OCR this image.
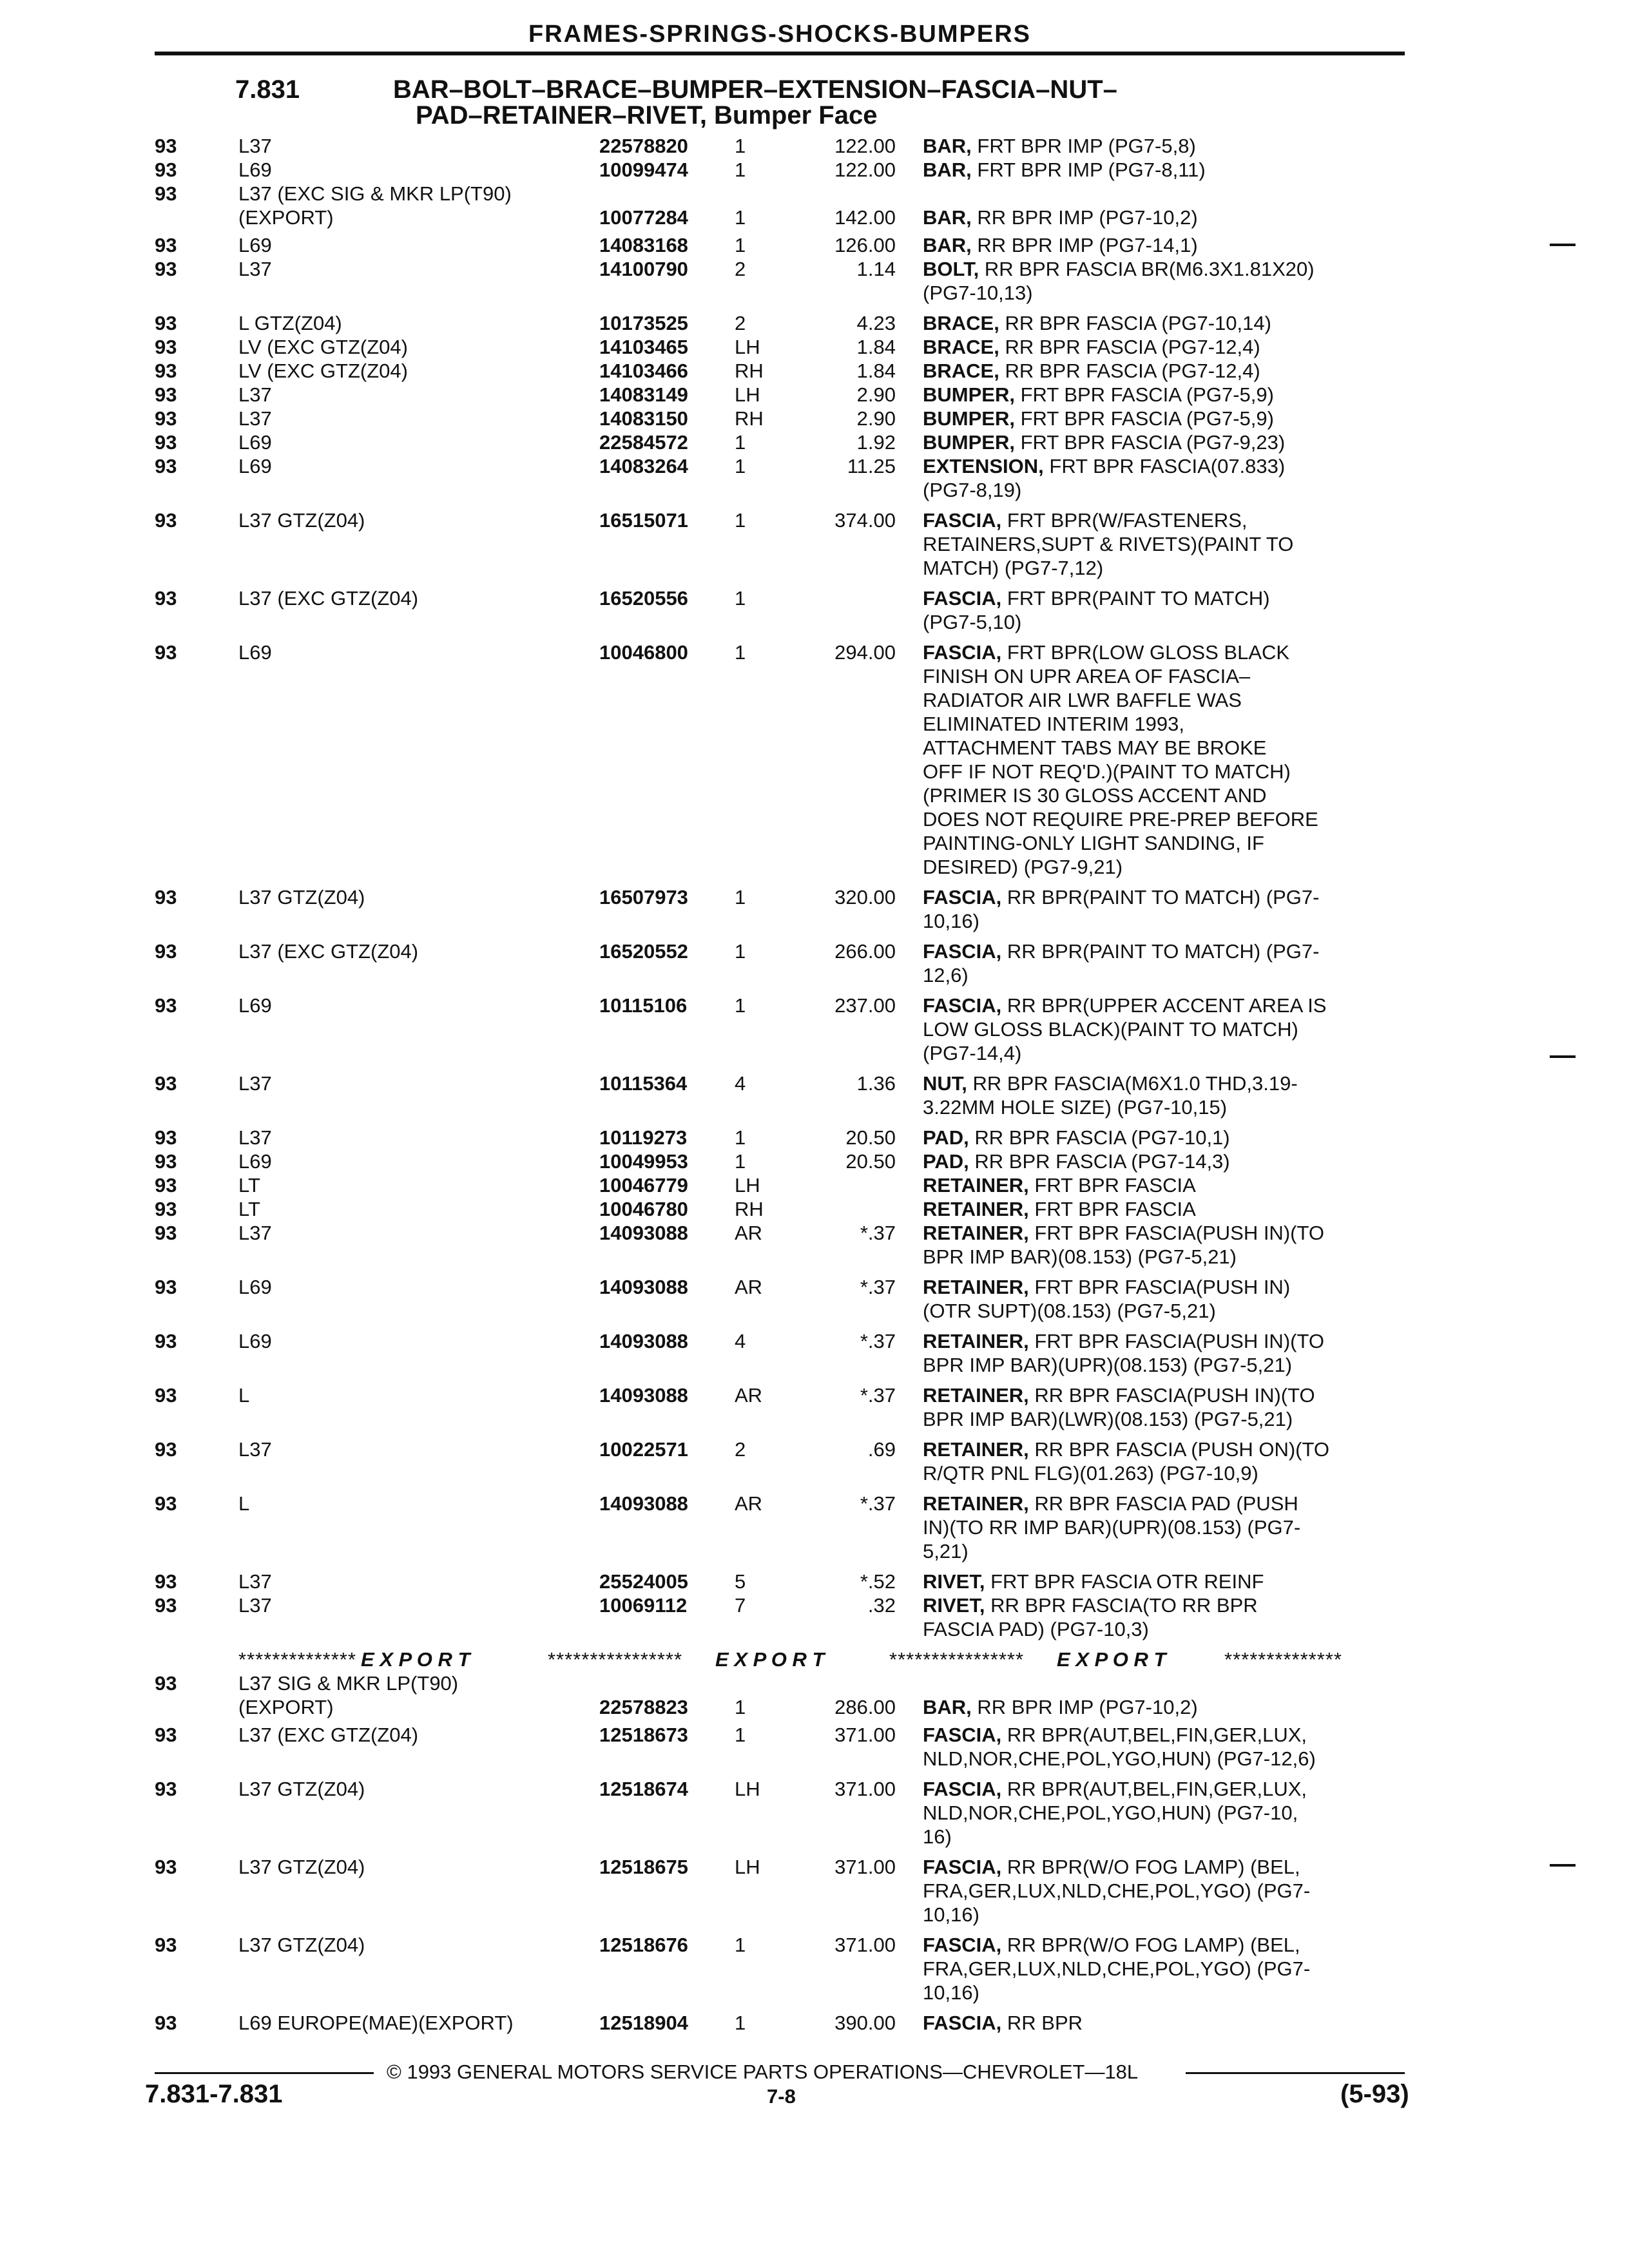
FRAMES-SPRINGS-SHOCKS-BUMPERS
7.831	BAR–BOLT–BRACE–BUMPER–EXTENSION–FASCIA–NUT–
PAD–RETAINER–RIVET, Bumper Face
93	L37	22578820 1	122.00 BAR, FRT BPR IMP (PG7-5,8)
93	L69	10099474 1	122.00 BAR, FRT BPR IMP (PG7-8,11)
93	L37 (EXC SIG & MKR LP(T90)
(EXPORT)	10077284 1	142.00 BAR, RR BPR IMP (PG7-10,2)
93	L69	14083168 1	126.00 BAR, RR BPR IMP (PG7-14,1)
93	L37	14100790 2	1.14 BOLT, RR BPR FASCIA BR(M6.3X1.81X20)
(PG7-10,13)
93	L GTZ(Z04)	10173525 2	4.23 BRACE, RR BPR FASCIA (PG7-10,14)
93	LV (EXC GTZ(Z04)	14103465 LH	1.84 BRACE, RR BPR FASCIA (PG7-12,4)
93	LV (EXC GTZ(Z04)	14103466 RH	1.84 BRACE, RR BPR FASCIA (PG7-12,4)
93	L37	14083149 LH	2.90 BUMPER, FRT BPR FASCIA (PG7-5,9)
93	L37	14083150 RH	2.90 BUMPER, FRT BPR FASCIA (PG7-5,9)
93	L69	22584572 1	1.92 BUMPER, FRT BPR FASCIA (PG7-9,23)
93	L69	14083264 1	11.25 EXTENSION, FRT BPR FASCIA(07.833)
(PG7-8,19)
93	L37 GTZ(Z04)	16515071 1	374.00 FASCIA, FRT BPR(W/FASTENERS,
RETAINERS,SUPT & RIVETS)(PAINT TO
MATCH) (PG7-7,12)
93	L37 (EXC GTZ(Z04)	16520556 1	FASCIA, FRT BPR(PAINT TO MATCH)
(PG7-5,10)
93	L69	10046800 1	294.00 FASCIA, FRT BPR(LOW GLOSS BLACK
FINISH ON UPR AREA OF FASCIA–
RADIATOR AIR LWR BAFFLE WAS
ELIMINATED INTERIM 1993,
ATTACHMENT TABS MAY BE BROKE
OFF IF NOT REQ'D.)(PAINT TO MATCH)
(PRIMER IS 30 GLOSS ACCENT AND
DOES NOT REQUIRE PRE-PREP BEFORE
PAINTING-ONLY LIGHT SANDING, IF
DESIRED) (PG7-9,21)
93	L37 GTZ(Z04)	16507973 1	320.00 FASCIA, RR BPR(PAINT TO MATCH) (PG7-
10,16)
93	L37 (EXC GTZ(Z04)	16520552 1	266.00 FASCIA, RR BPR(PAINT TO MATCH) (PG7-
12,6)
93	L69	10115106 1	237.00 FASCIA, RR BPR(UPPER ACCENT AREA IS
LOW GLOSS BLACK)(PAINT TO MATCH)
(PG7-14,4)
93	L37	10115364 4	1.36 NUT, RR BPR FASCIA(M6X1.0 THD,3.19-
3.22MM HOLE SIZE) (PG7-10,15)
93	L37	10119273 1	20.50 PAD, RR BPR FASCIA (PG7-10,1)
93	L69	10049953 1	20.50 PAD, RR BPR FASCIA (PG7-14,3)
93	LT	10046779 LH	RETAINER, FRT BPR FASCIA
93	LT	10046780 RH	RETAINER, FRT BPR FASCIA
93	L37	14093088 AR	*.37 RETAINER, FRT BPR FASCIA(PUSH IN)(TO
BPR IMP BAR)(08.153) (PG7-5,21)
93	L69	14093088 AR	*.37 RETAINER, FRT BPR FASCIA(PUSH IN)
(OTR SUPT)(08.153) (PG7-5,21)
93	L69	14093088 4	*.37 RETAINER, FRT BPR FASCIA(PUSH IN)(TO
BPR IMP BAR)(UPR)(08.153) (PG7-5,21)
93	L	14093088 AR	*.37 RETAINER, RR BPR FASCIA(PUSH IN)(TO
BPR IMP BAR)(LWR)(08.153) (PG7-5,21)
93	L37	10022571 2	.69 RETAINER, RR BPR FASCIA (PUSH ON)(TO
R/QTR PNL FLG)(01.263) (PG7-10,9)
93	L	14093088 AR	*.37 RETAINER, RR BPR FASCIA PAD (PUSH
IN)(TO RR IMP BAR)(UPR)(08.153) (PG7-
5,21)
93	L37	25524005 5	*.52 RIVET, FRT BPR FASCIA OTR REINF
93	L37	10069112 7	.32 RIVET, RR BPR FASCIA(TO RR BPR
FASCIA PAD) (PG7-10,3)
**************	****************	****************	**************
E X P O R T	E X P O R T	E X P O R T
93	L37 SIG & MKR LP(T90)
(EXPORT)	22578823 1	286.00 BAR, RR BPR IMP (PG7-10,2)
93	L37 (EXC GTZ(Z04)	12518673 1	371.00 FASCIA, RR BPR(AUT,BEL,FIN,GER,LUX,
NLD,NOR,CHE,POL,YGO,HUN) (PG7-12,6)
93	L37 GTZ(Z04)	12518674 LH	371.00 FASCIA, RR BPR(AUT,BEL,FIN,GER,LUX,
NLD,NOR,CHE,POL,YGO,HUN) (PG7-10,
16)
93	L37 GTZ(Z04)	12518675 LH	371.00 FASCIA, RR BPR(W/O FOG LAMP) (BEL,
FRA,GER,LUX,NLD,CHE,POL,YGO) (PG7-
10,16)
93	L37 GTZ(Z04)	12518676 1	371.00 FASCIA, RR BPR(W/O FOG LAMP) (BEL,
FRA,GER,LUX,NLD,CHE,POL,YGO) (PG7-
10,16)
93	L69 EUROPE(MAE)(EXPORT)	12518904 1	390.00 FASCIA, RR BPR
© 1993 GENERAL MOTORS SERVICE PARTS OPERATIONS—CHEVROLET—18L
7.831-7.831	7-8	(5-93)
